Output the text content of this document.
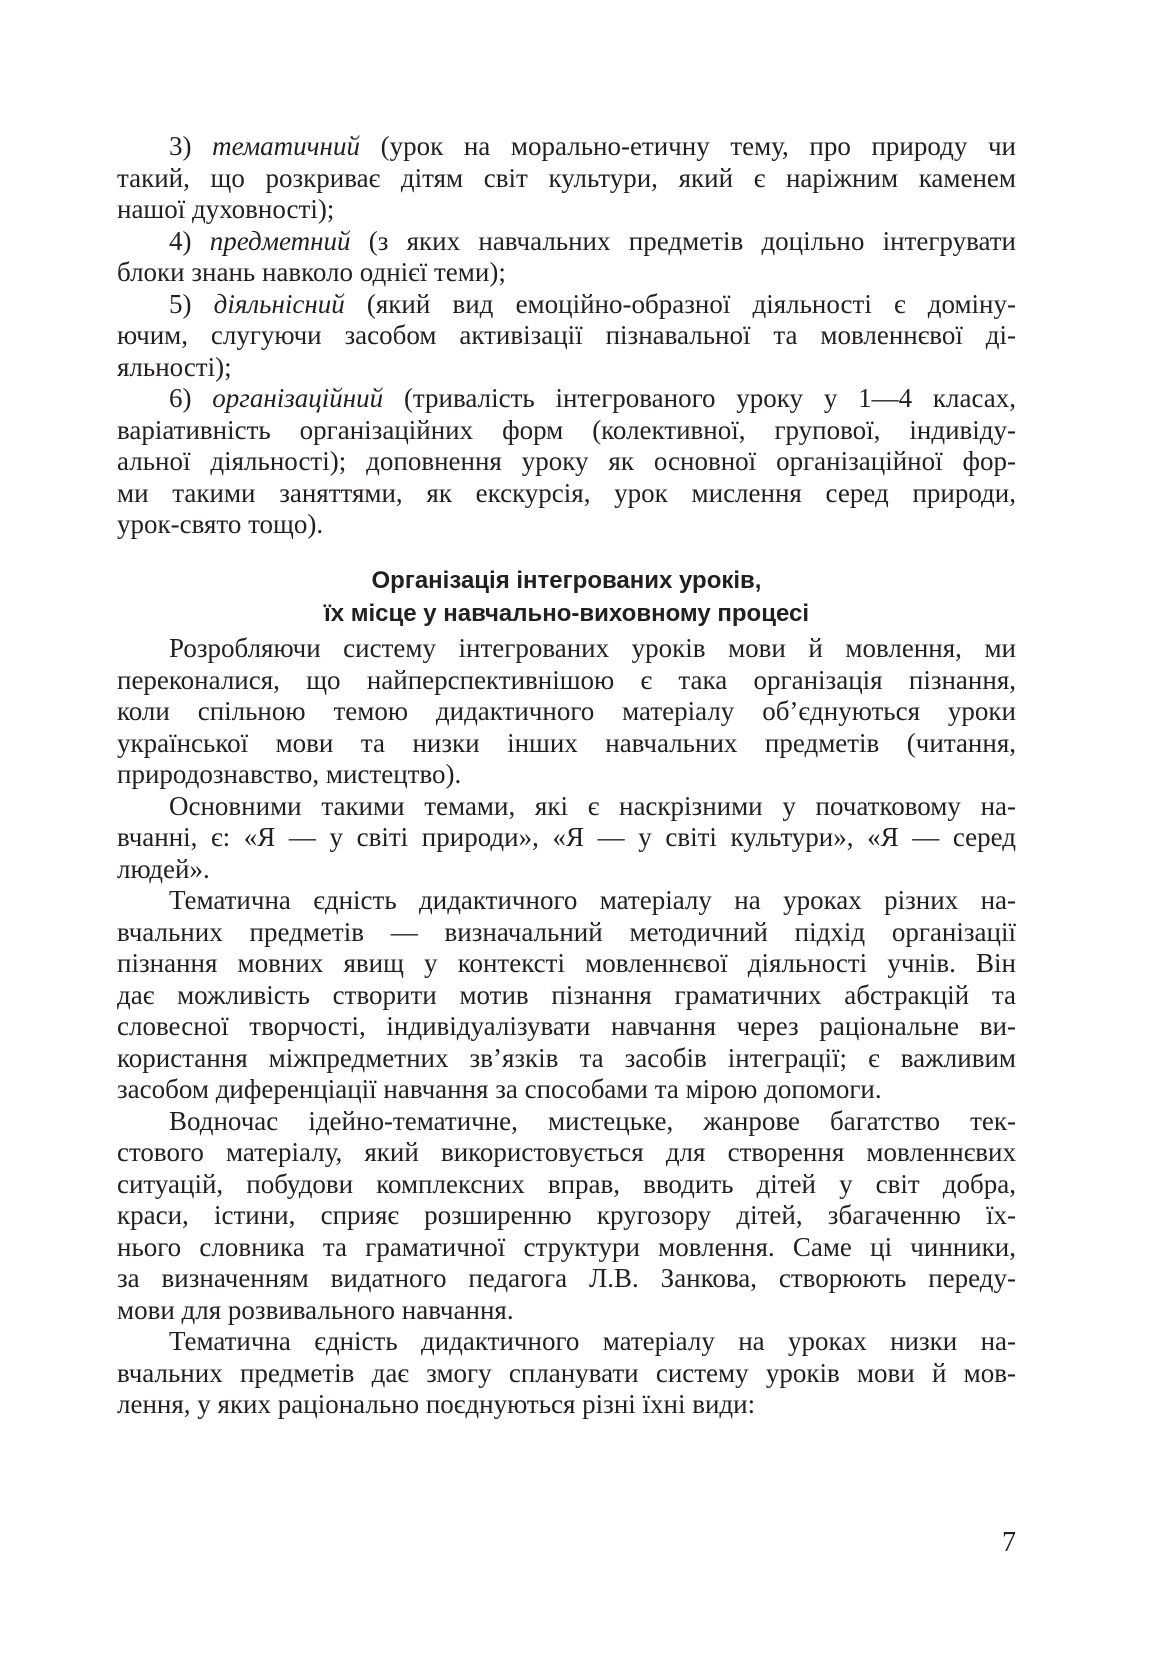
3) тематичний (урок на морально-етичну тему, про природу чи
такий, що розкриває дітям світ культури, який є наріжним каменем
нашої духовності);
4) предметний (з яких навчальних предметів доцільно інтегрувати
блоки знань навколо однієї теми);
5) діяльнісний (який вид емоційно-образної діяльності є доміну-
ючим, слугуючи засобом активізації пізнавальної та мовленнєвої ді-
яльності);
6) організаційний (тривалість інтегрованого уроку у 1—4 класах,
варіативність організаційних форм (колективної, групової, індивіду-
альної діяльності); доповнення уроку як основної організаційної фор-
ми такими заняттями, як екскурсія, урок мислення серед природи,
урок-свято тощо).
Організація інтегрованих уроків,
їх місце у навчально-виховному процесі
Розробляючи систему інтегрованих уроків мови й мовлення, ми
переконалися, що найперспективнішою є така організація пізнання,
коли спільною темою дидактичного матеріалу об’єднуються уроки
української мови та низки інших навчальних предметів (читання,
природознавство, мистецтво).
Основними такими темами, які є наскрізними у початковому на-
вчанні, є: «Я — у світі природи», «Я — у світі культури», «Я — серед
людей».
Тематична єдність дидактичного матеріалу на уроках різних на-
вчальних предметів — визначальний методичний підхід організації
пізнання мовних явищ у контексті мовленнєвої діяльності учнів. Він
дає можливість створити мотив пізнання граматичних абстракцій та
словесної творчості, індивідуалізувати навчання через раціональне ви-
користання міжпредметних зв’язків та засобів інтеграції; є важливим
засобом диференціації навчання за способами та мірою допомоги.
Водночас ідейно-тематичне, мистецьке, жанрове багатство тек-
стового матеріалу, який використовується для створення мовленнєвих
ситуацій, побудови комплексних вправ, вводить дітей у світ добра,
краси, істини, сприяє розширенню кругозору дітей, збагаченню їх-
нього словника та граматичної структури мовлення. Саме ці чинники,
за визначенням видатного педагога Л.В. Занкова, створюють переду-
мови для розвивального навчання.
Тематична єдність дидактичного матеріалу на уроках низки на-
вчальних предметів дає змогу спланувати систему уроків мови й мов-
лення, у яких раціонально поєднуються різні їхні види:
7
